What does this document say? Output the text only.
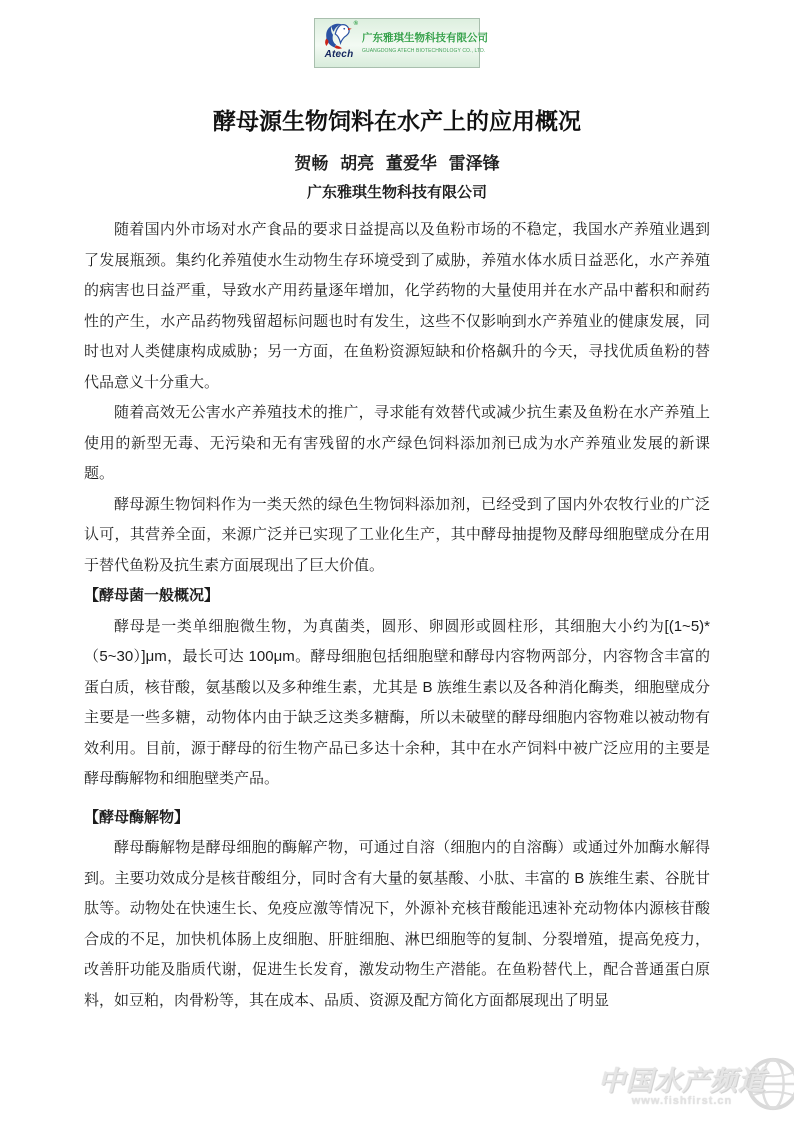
®
Atech
广东雅琪生物科技有限公司
GUANGDONG ATECH BIOTECHNOLOGY CO., LTD.
酵母源生物饲料在水产上的应用概况
贺畅 胡亮 董爱华 雷泽锋
广东雅琪生物科技有限公司

随着国内外市场对水产食品的要求日益提高以及鱼粉市场的不稳定，我国水产养殖业遇到了发展瓶颈。集约化养殖使水生动物生存环境受到了威胁，养殖水体水质日益恶化，水产养殖的病害也日益严重，导致水产用药量逐年增加，化学药物的大量使用并在水产品中蓄积和耐药性的产生，水产品药物残留超标问题也时有发生，这些不仅影响到水产养殖业的健康发展，同时也对人类健康构成威胁；另一方面，在鱼粉资源短缺和价格飙升的今天，寻找优质鱼粉的替代品意义十分重大。

随着高效无公害水产养殖技术的推广，寻求能有效替代或减少抗生素及鱼粉在水产养殖上使用的新型无毒、无污染和无有害残留的水产绿色饲料添加剂已成为水产养殖业发展的新课题。

酵母源生物饲料作为一类天然的绿色生物饲料添加剂，已经受到了国内外农牧行业的广泛认可，其营养全面，来源广泛并已实现了工业化生产，其中酵母抽提物及酵母细胞壁成分在用于替代鱼粉及抗生素方面展现出了巨大价值。

【酵母菌一般概况】

酵母是一类单细胞微生物，为真菌类，圆形、卵圆形或圆柱形，其细胞大小约为[(1~5)*（5~30）]μm，最长可达 100μm。酵母细胞包括细胞壁和酵母内容物两部分，内容物含丰富的蛋白质，核苷酸，氨基酸以及多种维生素，尤其是 B 族维生素以及各种消化酶类，细胞壁成分主要是一些多糖，动物体内由于缺乏这类多糖酶，所以未破壁的酵母细胞内容物难以被动物有效利用。目前，源于酵母的衍生物产品已多达十余种，其中在水产饲料中被广泛应用的主要是酵母酶解物和细胞壁类产品。

【酵母酶解物】

酵母酶解物是酵母细胞的酶解产物，可通过自溶（细胞内的自溶酶）或通过外加酶水解得到。主要功效成分是核苷酸组分，同时含有大量的氨基酸、小肽、丰富的 B 族维生素、谷胱甘肽等。动物处在快速生长、免疫应激等情况下，外源补充核苷酸能迅速补充动物体内源核苷酸合成的不足，加快机体肠上皮细胞、肝脏细胞、淋巴细胞等的复制、分裂增殖，提高免疫力，改善肝功能及脂质代谢，促进生长发育，激发动物生产潜能。在鱼粉替代上，配合普通蛋白原料，如豆粕，肉骨粉等，其在成本、品质、资源及配方简化方面都展现出了明显

中国水产频道
www.fishfirst.cn
